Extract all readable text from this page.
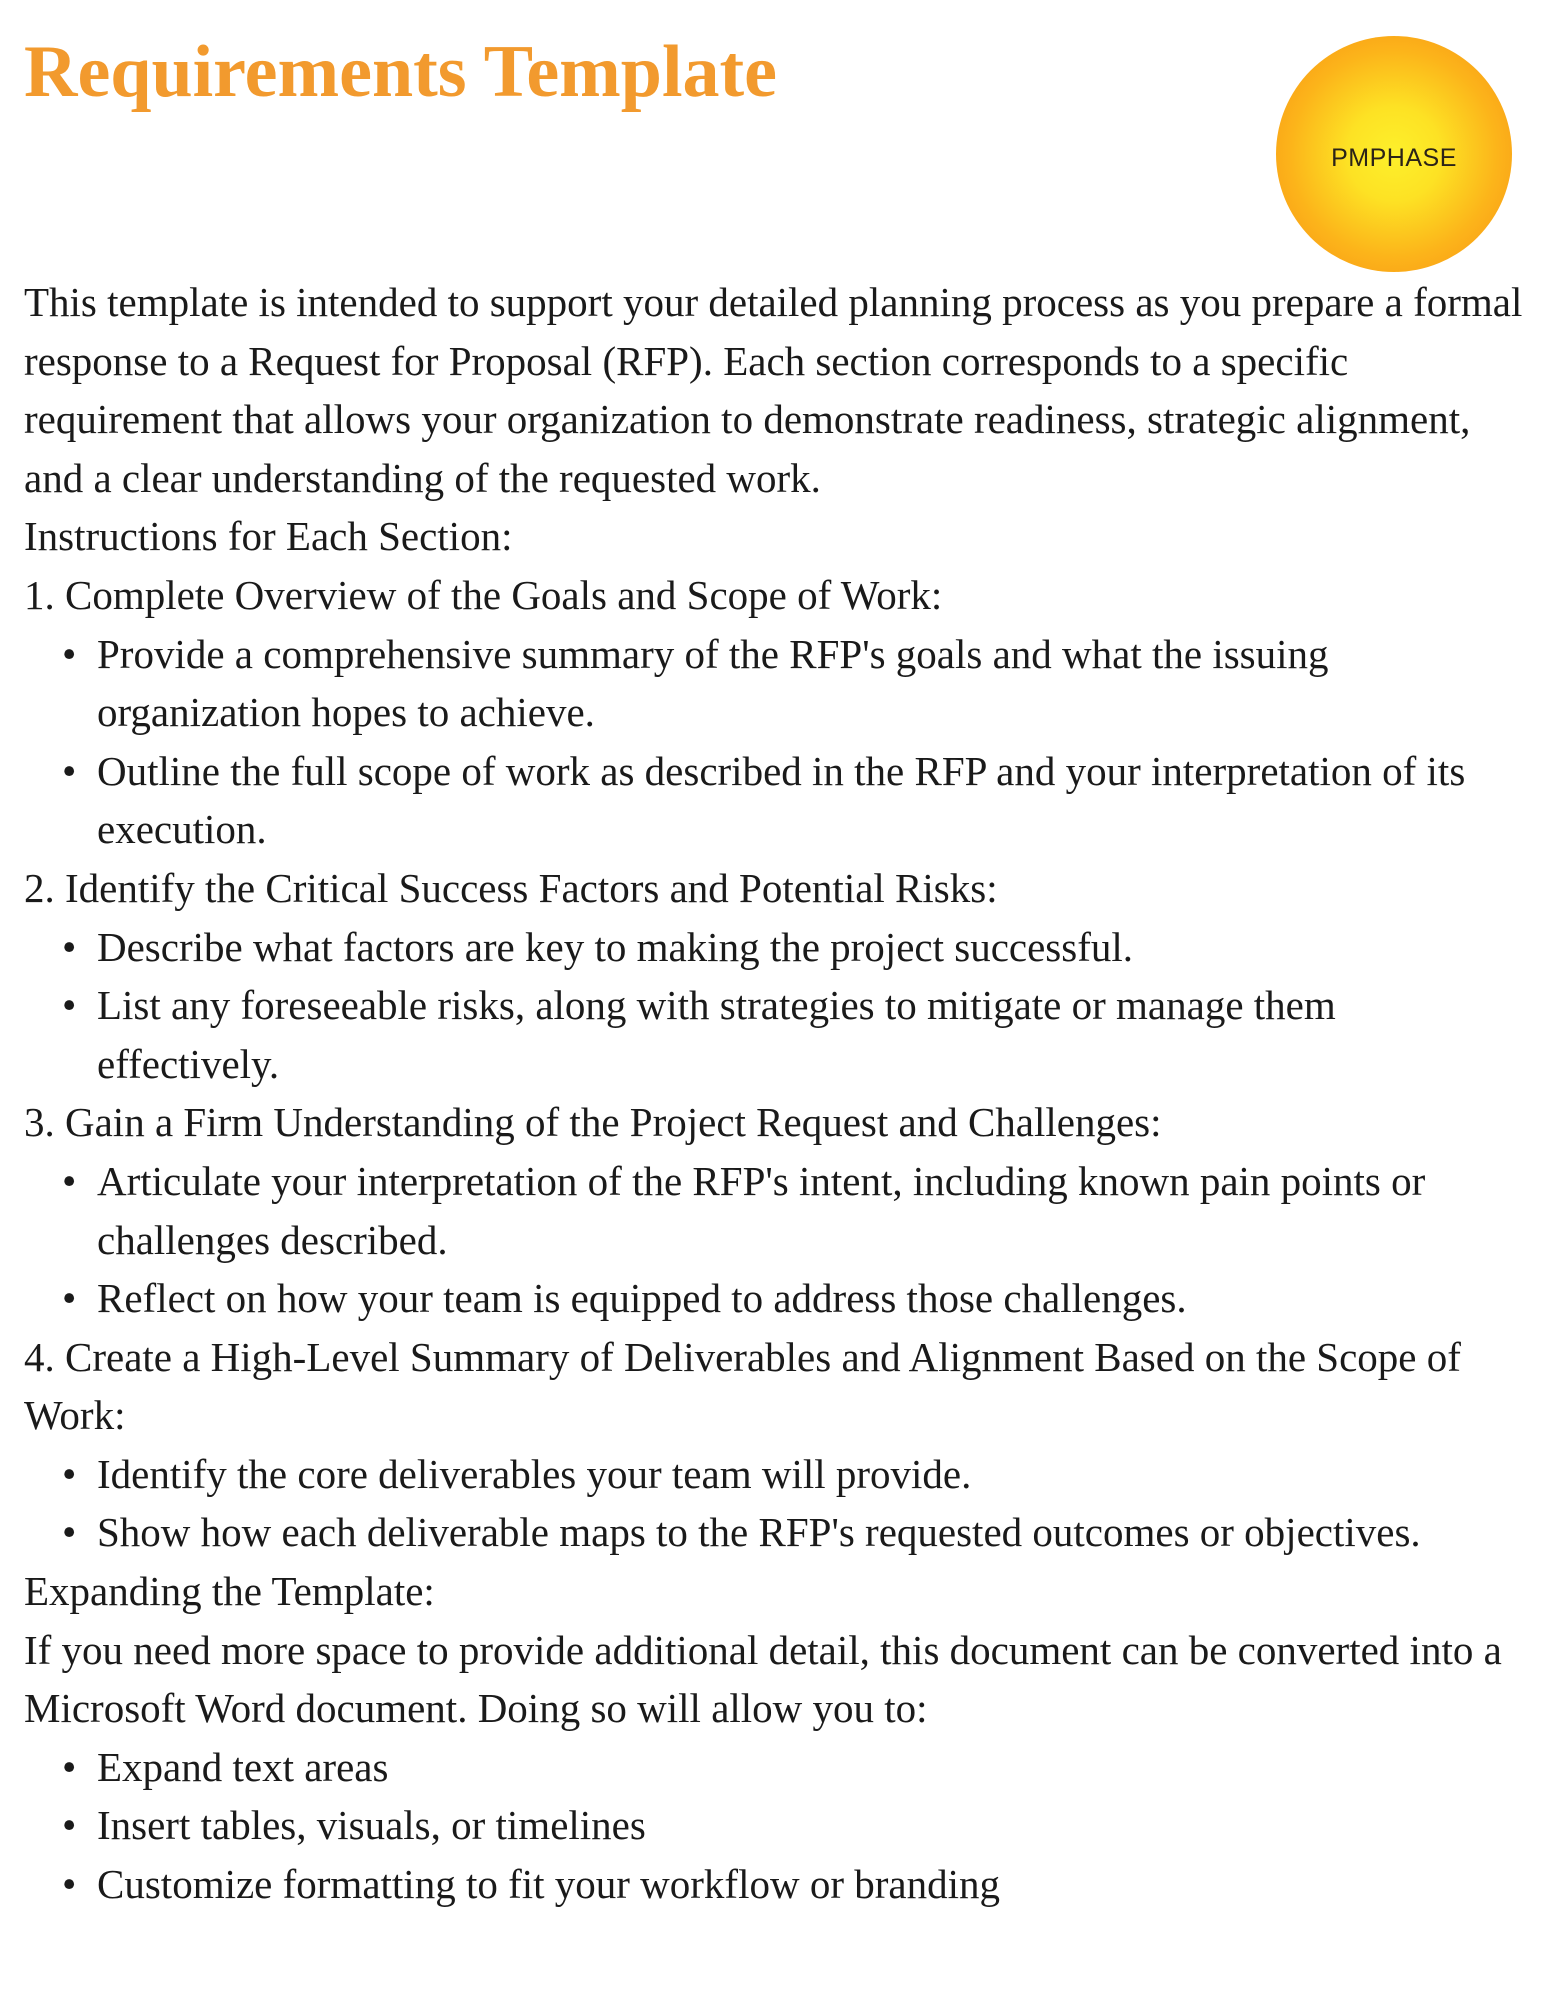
Requirements Template
PMPHASE

This template is intended to support your detailed planning process as you prepare a formal response to a Request for Proposal (RFP). Each section corresponds to a specific requirement that allows your organization to demonstrate readiness, strategic alignment, and a clear understanding of the requested work.

Instructions for Each Section:

1. Complete Overview of the Goals and Scope of Work:

• Provide a comprehensive summary of the RFP's goals and what the issuing organization hopes to achieve.
• Outline the full scope of work as described in the RFP and your interpretation of its execution.

2. Identify the Critical Success Factors and Potential Risks:

• Describe what factors are key to making the project successful.
• List any foreseeable risks, along with strategies to mitigate or manage them effectively.

3. Gain a Firm Understanding of the Project Request and Challenges:

• Articulate your interpretation of the RFP's intent, including known pain points or challenges described.
• Reflect on how your team is equipped to address those challenges.

4. Create a High-Level Summary of Deliverables and Alignment Based on the Scope of Work:

• Identify the core deliverables your team will provide.
• Show how each deliverable maps to the RFP's requested outcomes or objectives.

Expanding the Template:

If you need more space to provide additional detail, this document can be converted into a Microsoft Word document. Doing so will allow you to:

• Expand text areas
• Insert tables, visuals, or timelines
• Customize formatting to fit your workflow or branding
